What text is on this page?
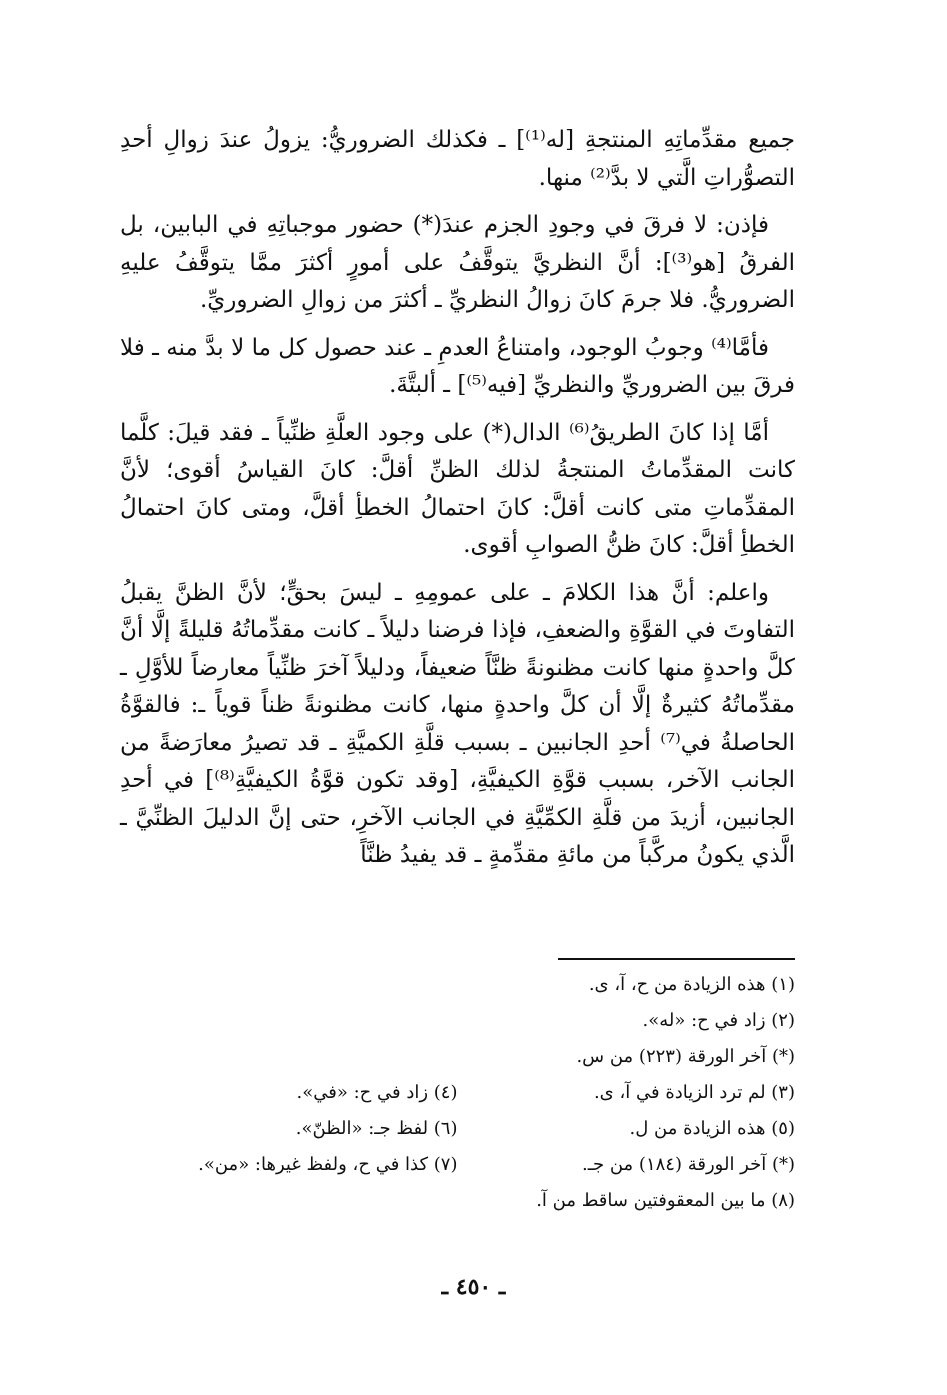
جميع مقدِّماتِهِ المنتجةِ [له⁽¹⁾] ـ فكذلك الضروريُّ: يزولُ عندَ زوالِ أحدِ التصوُّراتِ الَّتي لا بدَّ⁽²⁾ منها.

فإذن: لا فرقَ في وجودِ الجزم عندَ(*) حضور موجباتِهِ في البابين، بل الفرقُ [هو⁽³⁾]: أنَّ النظريَّ يتوقَّفُ على أمورٍ أكثرَ ممَّا يتوقَّفُ عليهِ الضروريُّ. فلا جرمَ كانَ زوالُ النظريِّ ـ أكثرَ من زوالِ الضروريِّ.

فأمَّا⁽⁴⁾ وجوبُ الوجود، وامتناعُ العدمِ ـ عند حصول كل ما لا بدَّ منه ـ فلا فرقَ بين الضروريِّ والنظريِّ [فيه⁽⁵⁾] ـ ألبتَّةَ.

أمَّا إذا كانَ الطريقُ⁽⁶⁾ الدال(*) على وجود العلَّةِ ظنِّياً ـ فقد قيلَ: كلَّما كانت المقدِّماتُ المنتجةُ لذلك الظنِّ أقلَّ: كانَ القياسُ أقوى؛ لأنَّ المقدِّماتِ متى كانت أقلَّ: كانَ احتمالُ الخطأِ أقلَّ، ومتى كانَ احتمالُ الخطأِ أقلَّ: كانَ ظنُّ الصوابِ أقوى.

واعلم: أنَّ هذا الكلامَ ـ على عمومِهِ ـ ليسَ بحقٍّ؛ لأنَّ الظنَّ يقبلُ التفاوتَ في القوَّةِ والضعفِ، فإذا فرضنا دليلاً ـ كانت مقدِّماتُهُ قليلةً إلَّا أنَّ كلَّ واحدةٍ منها كانت مظنونةً ظنَّاً ضعيفاً، ودليلاً آخرَ ظنِّياً معارضاً للأوَّلِ ـ مقدِّماتُهُ كثيرةٌ إلَّا أن كلَّ واحدةٍ منها، كانت مظنونةً ظناً قوياً ـ: فالقوَّةُ الحاصلةُ في⁽⁷⁾ أحدِ الجانبين ـ بسبب قلَّةِ الكميَّةِ ـ قد تصيرُ معارَضةً من الجانب الآخر، بسبب قوَّةِ الكيفيَّةِ، [وقد تكون قوَّةُ الكيفيَّةِ⁽⁸⁾] في أحدِ الجانبين، أزيدَ من قلَّةِ الكمِّيَّةِ في الجانب الآخرِ، حتى إنَّ الدليلَ الظنِّيَّ ـ الَّذي يكونُ مركَّباً من مائةِ مقدِّمةٍ ـ قد يفيدُ ظنَّاً

(١) هذه الزيادة من ح، آ، ى.
(٢) زاد في ح: «له».
(*) آخر الورقة (٢٢٣) من س.
(٣) لم ترد الزيادة في آ، ى.
(٤) زاد في ح: «في».
(٥) هذه الزيادة من ل.
(٦) لفظ جـ: «الظنّ».
(*) آخر الورقة (١٨٤) من جـ.
(٧) كذا في ح، ولفظ غيرها: «من».
(٨) ما بين المعقوفتين ساقط من آ.
ـ ٤٥٠ ـ
